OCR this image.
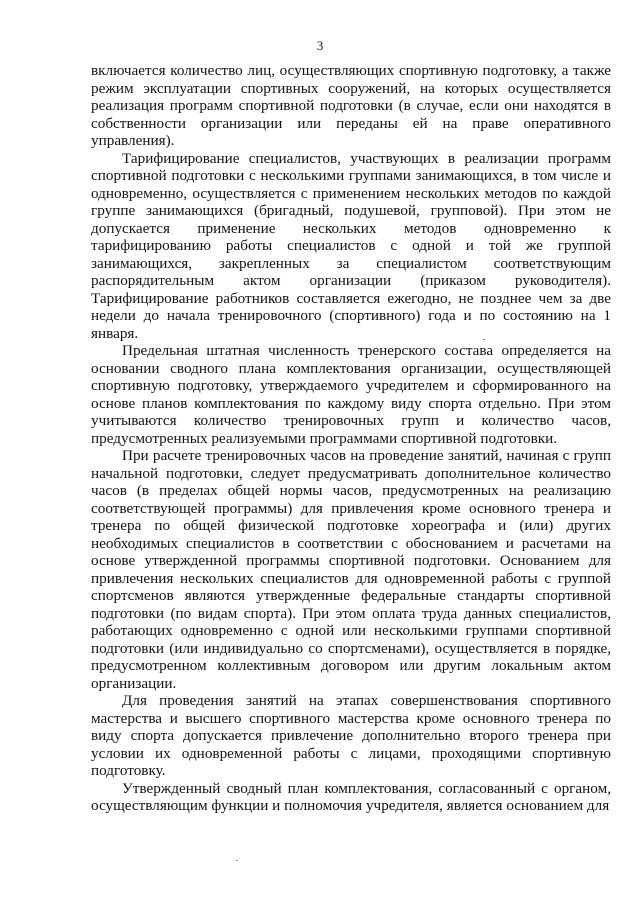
3

включается количество лиц, осуществляющих спортивную подготовку, а также режим эксплуатации спортивных сооружений, на которых осуществляется реализация программ спортивной подготовки (в случае, если они находятся в собственности организации или переданы ей на праве оперативного управления).

Тарифицирование специалистов, участвующих в реализации программ спортивной подготовки с несколькими группами занимающихся, в том числе и одновременно, осуществляется с применением нескольких методов по каждой группе занимающихся (бригадный, подушевой, групповой). При этом не допускается применение нескольких методов одновременно к тарифицированию работы специалистов с одной и той же группой занимающихся, закрепленных за специалистом соответствующим распорядительным актом организации (приказом руководителя). Тарифицирование работников составляется ежегодно, не позднее чем за две недели до начала тренировочного (спортивного) года и по состоянию на 1 января.

Предельная штатная численность тренерского состава определяется на основании сводного плана комплектования организации, осуществляющей спортивную подготовку, утверждаемого учредителем и сформированного на основе планов комплектования по каждому виду спорта отдельно. При этом учитываются количество тренировочных групп и количество часов, предусмотренных реализуемыми программами спортивной подготовки.

При расчете тренировочных часов на проведение занятий, начиная с групп начальной подготовки, следует предусматривать дополнительное количество часов (в пределах общей нормы часов, предусмотренных на реализацию соответствующей программы) для привлечения кроме основного тренера и тренера по общей физической подготовке хореографа и (или) других необходимых специалистов в соответствии с обоснованием и расчетами на основе утвержденной программы спортивной подготовки. Основанием для привлечения нескольких специалистов для одновременной работы с группой спортсменов являются утвержденные федеральные стандарты спортивной подготовки (по видам спорта). При этом оплата труда данных специалистов, работающих одновременно с одной или несколькими группами спортивной подготовки (или индивидуально со спортсменами), осуществляется в порядке, предусмотренном коллективным договором или другим локальным актом организации.

Для проведения занятий на этапах совершенствования спортивного мастерства и высшего спортивного мастерства кроме основного тренера по виду спорта допускается привлечение дополнительно второго тренера при условии их одновременной работы с лицами, проходящими спортивную подготовку.

Утвержденный сводный план комплектования, согласованный с органом, осуществляющим функции и полномочия учредителя, является основанием для
